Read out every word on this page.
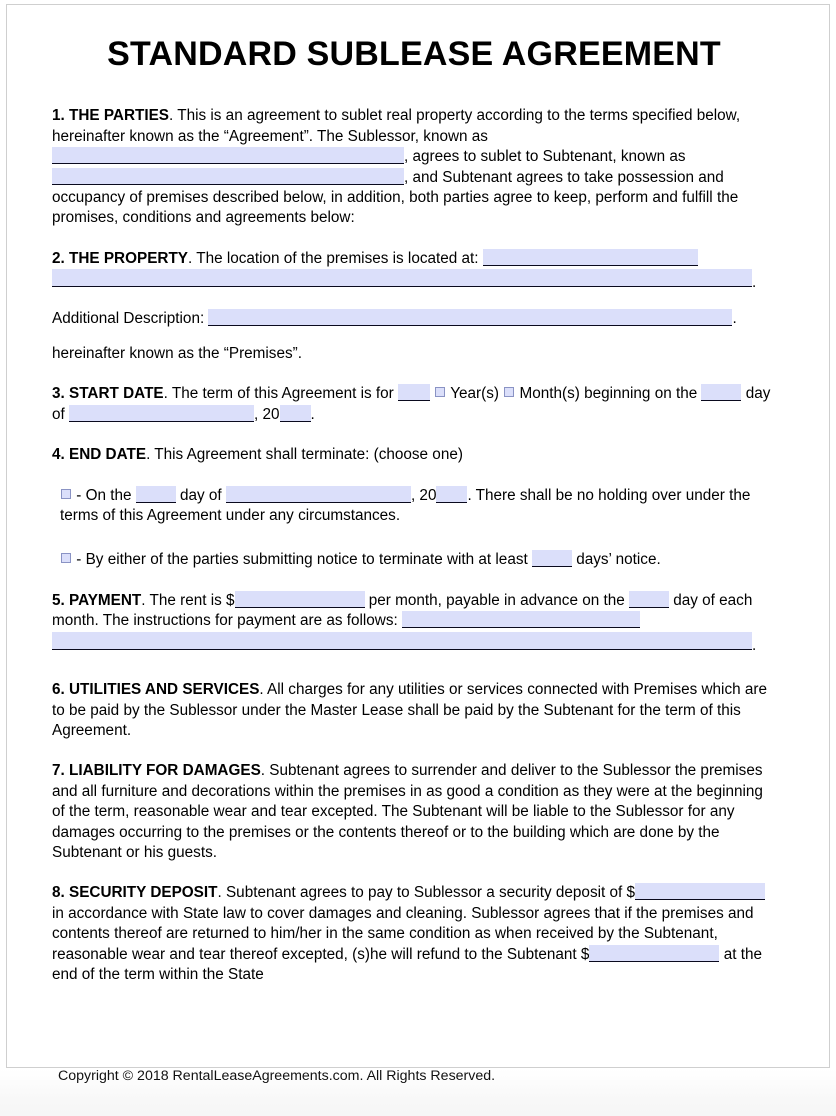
STANDARD SUBLEASE AGREEMENT

1. THE PARTIES. This is an agreement to sublet real property according to the terms specified below, hereinafter known as the “Agreement”. The Sublessor, known as , agrees to sublet to Subtenant, known as , and Subtenant agrees to take possession and occupancy of premises described below, in addition, both parties agree to keep, perform and fulfill the promises, conditions and agreements below:

2. THE PROPERTY. The location of the premises is located at:

.

Additional Description:	.

hereinafter known as the “Premises”.

3. START DATE. The term of this Agreement is for	Year(s) Month(s) beginning on the	day of	, 20 .

4. END DATE. This Agreement shall terminate: (choose one)

- On the	day of	, 20 . There shall be no holding over under the terms of this Agreement under any circumstances.

- By either of the parties submitting notice to terminate with at least	days’ notice.

5. PAYMENT. The rent is $	per month, payable in advance on the	day of each month. The instructions for payment are as follows:

.

6. UTILITIES AND SERVICES. All charges for any utilities or services connected with Premises which are to be paid by the Sublessor under the Master Lease shall be paid by the Subtenant for the term of this Agreement.

7. LIABILITY FOR DAMAGES. Subtenant agrees to surrender and deliver to the Sublessor the premises and all furniture and decorations within the premises in as good a condition as they were at the beginning of the term, reasonable wear and tear excepted. The Subtenant will be liable to the Sublessor for any damages occurring to the premises or the contents thereof or to the building which are done by the Subtenant or his guests.

8. SECURITY DEPOSIT. Subtenant agrees to pay to Sublessor a security deposit of $ in accordance with State law to cover damages and cleaning. Sublessor agrees that if the premises and contents thereof are returned to him/her in the same condition as when received by the Subtenant, reasonable wear and tear thereof excepted, (s)he will refund to the Subtenant $	at the end of the term within the State

Copyright © 2018 RentalLeaseAgreements.com. All Rights Reserved.
